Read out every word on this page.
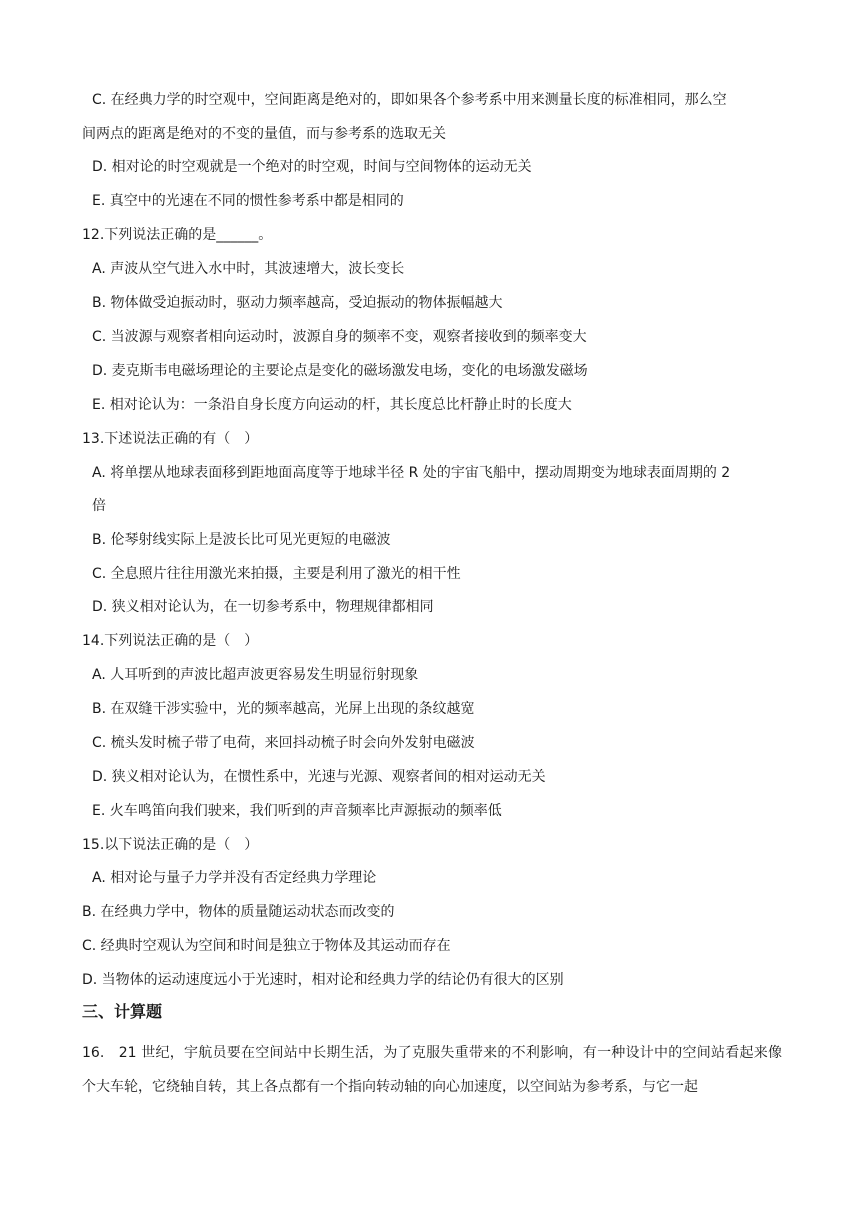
C. 在经典力学的时空观中，空间距离是绝对的，即如果各个参考系中用来测量长度的标准相同，那么空
间两点的距离是绝对的不变的量值，而与参考系的选取无关
D. 相对论的时空观就是一个绝对的时空观，时间与空间物体的运动无关
E. 真空中的光速在不同的惯性参考系中都是相同的
12.下列说法正确的是______。
A. 声波从空气进入水中时，其波速增大，波长变长
B. 物体做受迫振动时，驱动力频率越高，受迫振动的物体振幅越大
C. 当波源与观察者相向运动时，波源自身的频率不变，观察者接收到的频率变大
D. 麦克斯韦电磁场理论的主要论点是变化的磁场激发电场，变化的电场激发磁场
E. 相对论认为：一条沿自身长度方向运动的杆，其长度总比杆静止时的长度大
13.下述说法正确的有（　）
A. 将单摆从地球表面移到距地面高度等于地球半径 R 处的宇宙飞船中，摆动周期变为地球表面周期的 2
倍
B. 伦琴射线实际上是波长比可见光更短的电磁波
C. 全息照片往往用激光来拍摄，主要是利用了激光的相干性
D. 狭义相对论认为，在一切参考系中，物理规律都相同
14.下列说法正确的是（　）
A. 人耳听到的声波比超声波更容易发生明显衍射现象
B. 在双缝干涉实验中，光的频率越高，光屏上出现的条纹越宽
C. 梳头发时梳子带了电荷，来回抖动梳子时会向外发射电磁波
D. 狭义相对论认为，在惯性系中，光速与光源、观察者间的相对运动无关
E. 火车鸣笛向我们驶来，我们听到的声音频率比声源振动的频率低
15.以下说法正确的是（　）
A. 相对论与量子力学并没有否定经典力学理论
B. 在经典力学中，物体的质量随运动状态而改变的
C. 经典时空观认为空间和时间是独立于物体及其运动而存在
D. 当物体的运动速度远小于光速时，相对论和经典力学的结论仍有很大的区别
三、计算题
16.　21 世纪，宇航员要在空间站中长期生活，为了克服失重带来的不利影响，有一种设计中的空间站看起来像个大车轮，它绕轴自转，其上各点都有一个指向转动轴的向心加速度，以空间站为参考系，与它一起
